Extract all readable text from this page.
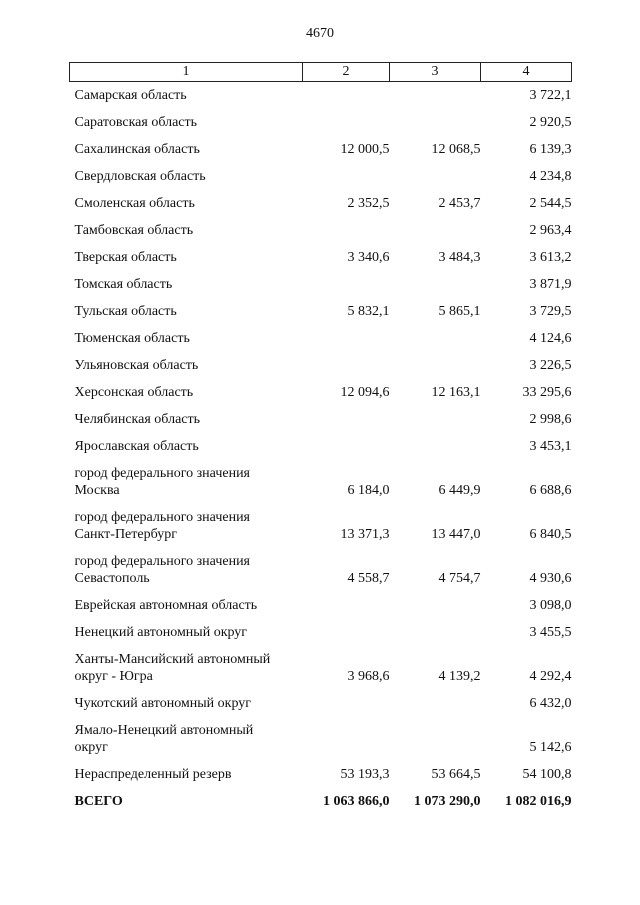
4670
1	2	3	4
Самарская область			3 722,1
Саратовская область			2 920,5
Сахалинская область	12 000,5	12 068,5	6 139,3
Свердловская область			4 234,8
Смоленская область	2 352,5	2 453,7	2 544,5
Тамбовская область			2 963,4
Тверская область	3 340,6	3 484,3	3 613,2
Томская область			3 871,9
Тульская область	5 832,1	5 865,1	3 729,5
Тюменская область			4 124,6
Ульяновская область			3 226,5
Херсонская область	12 094,6	12 163,1	33 295,6
Челябинская область			2 998,6
Ярославская область			3 453,1

город федерального значения
Москва	6 184,0	6 449,9	6 688,6

город федерального значения
Санкт-Петербург	13 371,3	13 447,0	6 840,5

город федерального значения
Севастополь	4 558,7	4 754,7	4 930,6
Еврейская автономная область			3 098,0
Ненецкий автономный округ			3 455,5

Ханты-Мансийский автономный
округ - Югра	3 968,6	4 139,2	4 292,4
Чукотский автономный округ			6 432,0

Ямало-Ненецкий автономный
округ			5 142,6
Нераспределенный резерв	53 193,3	53 664,5	54 100,8
ВСЕГО	1 063 866,0	1 073 290,0	1 082 016,9
